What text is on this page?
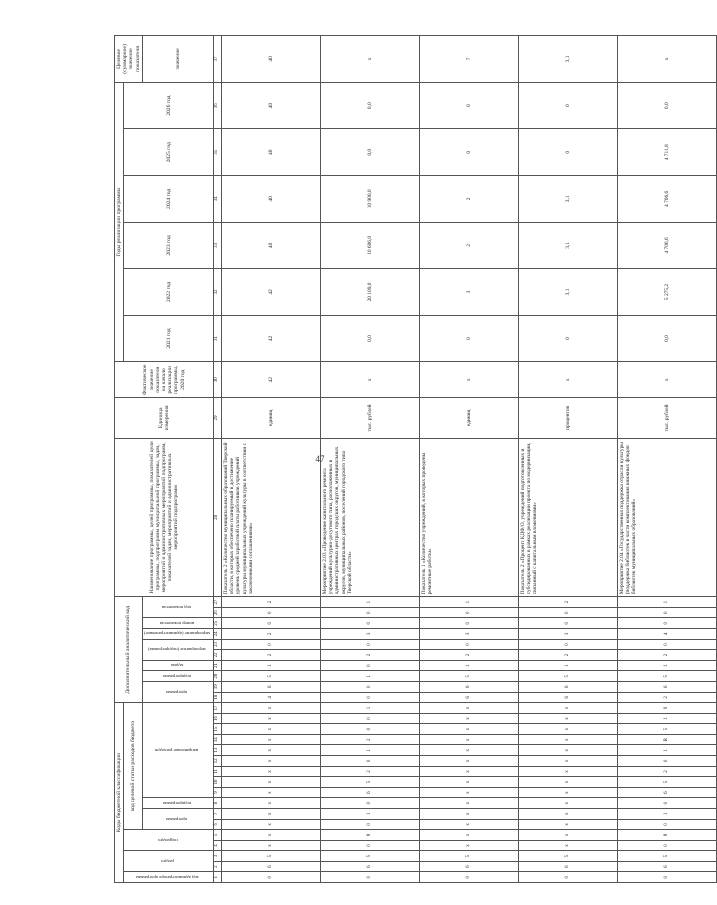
47
Коды бюджетной классификации																	Дополнительный аналитический код										Наименование программы, целей программы, показателей цели программы, подпрограмм муниципальной программы, задач, мероприятий и административных мероприятий подпрограмм, показателей задач, мероприятий и административных мероприятий подпрограмм	Единица измерения	Фактическое значение показателя на начало реализации программы, 2020 год	Годы реализации программы						Целевое (суммарное) значение показателя
код администратора программы	раздел		подраздел		код целевой статьи расходов бюджета																									2021 год	2022 год	2023 год	2024 год	2025 год	2026 год	
					программа		подпрограмма	направление расходов									программа		подпрограмма	задача	мероприятие (подпрограмма)		мероприятие (административное)	номер показателя	код показателя											значение
1	2	3	4	5	6	7	8	9	10	11	12	13	14	15	16	17	18	19	20	21	22	23	24	25	26	27	28	29	30	31	32	33	34	35	36	37
0	6	5	х	х	х	х	х	х	х	х	х	х	х	х	х	х	4	6	5	1	2	0	2	0	0	2	Показатель 2 «Количество муниципальных образований Тверской области, в которых обеспечено планируемый в достижение уровень средней заработной платы работников учреждений культуры муниципальных учреждений культуры в соответствии с заключенными соглашениями»	единиц	42	42	42	40	40	40	40	40
0	6	5	0	8	0	1	0	6	5	2	0	1	2	0	0	1	0	0	1	0	2	0	3	0	0	1	Мероприятие 2.03 «Проведение капитального ремонта учреждений культурно-досугового типа, расположенных в административных центрах городских округов, муниципальных округов, муниципальных районов, поселений городского типа Тверской области»	тыс. рублей	х	0,0	20 109,0	10 606,0	10 900,0	0,0	0,0	х
0	6	5	х	х	х	х	х	х	х	х	х	х	х	х	х	х	6	6	5	1	2	0	3	0	0	1	Показатель 1 «Количество учреждений, в которых проведены ремонтные работы»	единиц	х	0	3	2	2	0	0	7
0	6	5	х	х	х	х	х	х	х	х	х	х	х	х	х	х	6	6	5	1	2	0	3	0	0	2	Показатель 2 «Процент КДФ/О, учреждений подготовленных и субсидированных в рамках реализации проекта по модернизации, связанный с капитальным вложениями»	процентов	х	0	3,1	3,1	3,1	0	0	3,1
0	6	5	0	8	0	1	0	6	5	2	0	1	R	5	1	9	2	6	5	1	2	0	4	0	0	1	Мероприятие 2.04 «Государственная поддержка отрасли культуры (поддержка библиотек в части комплектования книжных фондов библиотек муниципальных образований»	тыс. рублей	х	0,0	5 275,2	4 706,6	4 706,6	4 711,8	0,0	х
